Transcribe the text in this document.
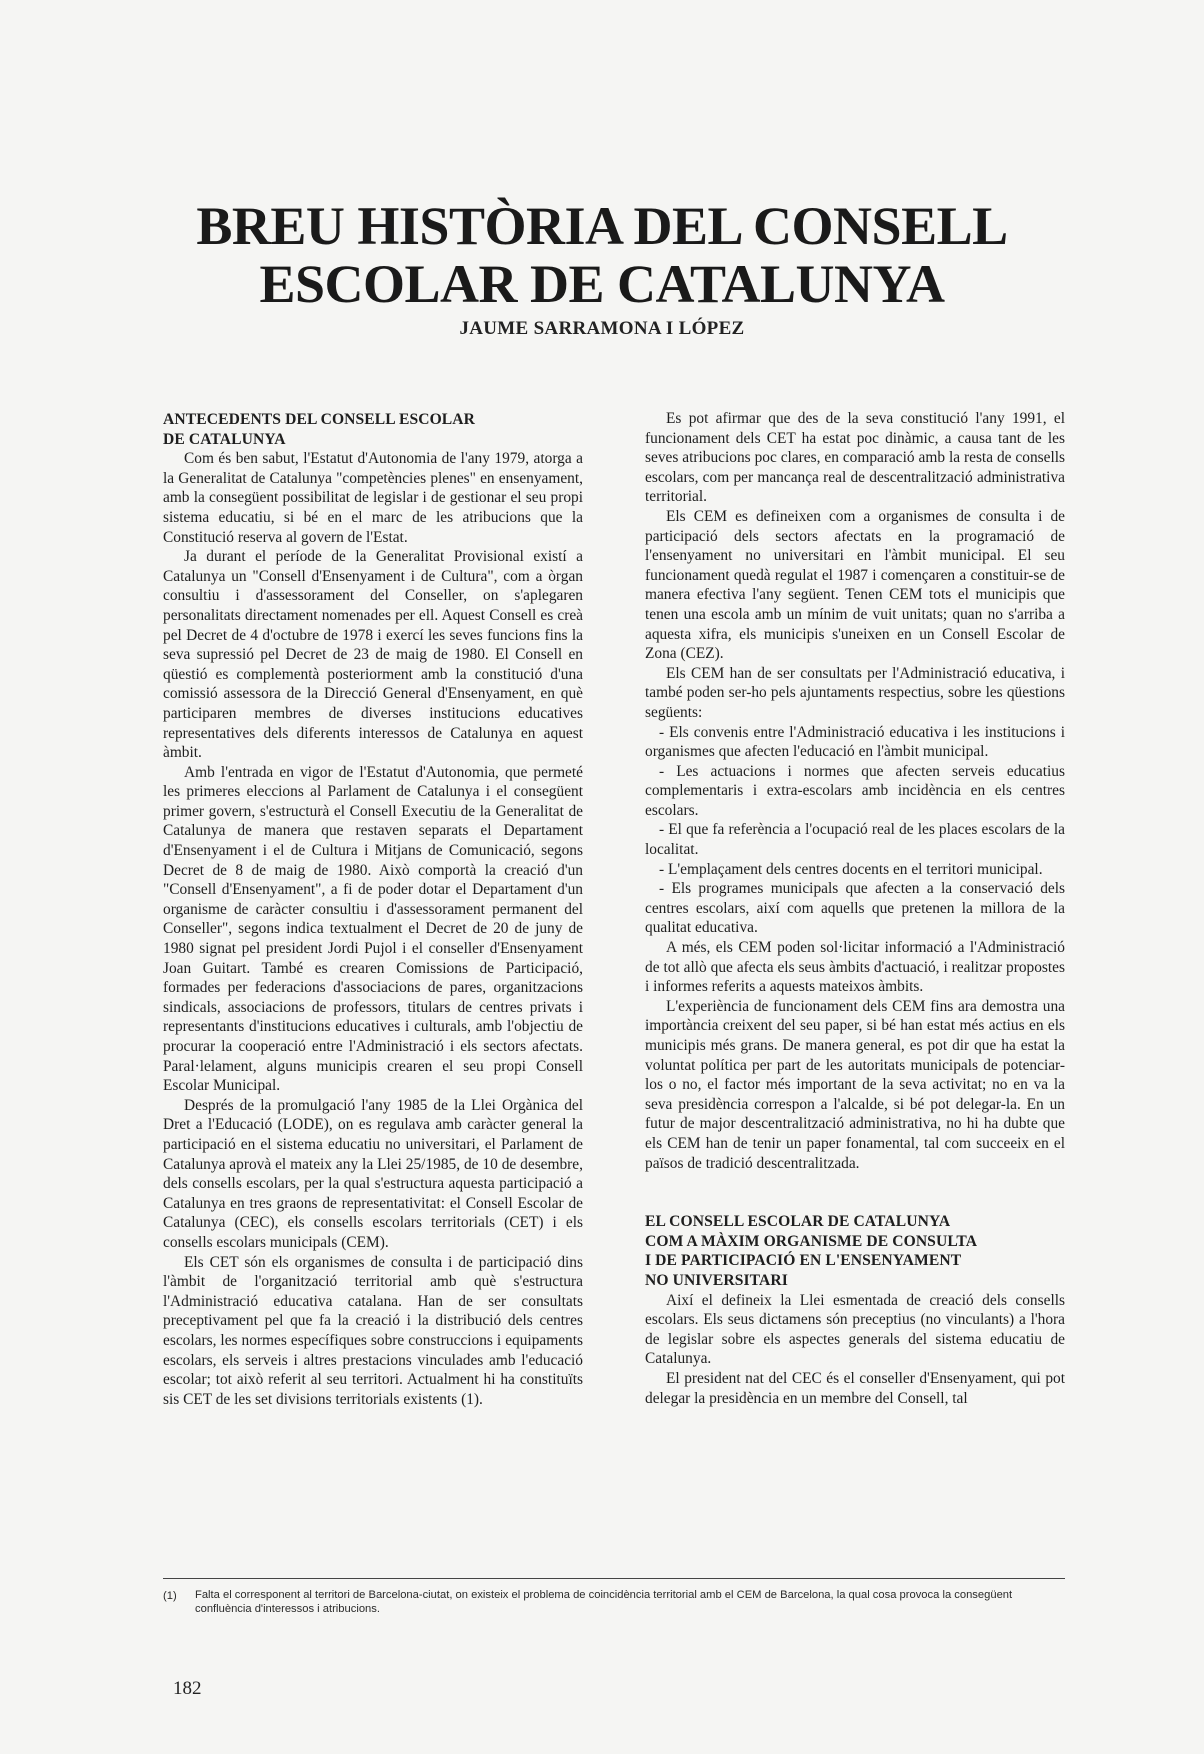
BREU HISTÒRIA DEL CONSELL
ESCOLAR DE CATALUNYA
JAUME SARRAMONA I LÓPEZ
ANTECEDENTS DEL CONSELL ESCOLAR
DE CATALUNYA

Com és ben sabut, l'Estatut d'Autonomia de l'any 1979, atorga a la Generalitat de Catalunya "competències plenes" en ensenyament, amb la consegüent possibilitat de legislar i de gestionar el seu propi sistema educatiu, si bé en el marc de les atribucions que la Constitució reserva al govern de l'Estat.

Ja durant el període de la Generalitat Provisional existí a Catalunya un "Consell d'Ensenyament i de Cultura", com a òrgan consultiu i d'assessorament del Conseller, on s'aplegaren personalitats directament nomenades per ell. Aquest Consell es creà pel Decret de 4 d'octubre de 1978 i exercí les seves funcions fins la seva supressió pel Decret de 23 de maig de 1980. El Consell en qüestió es complementà posteriorment amb la constitució d'una comissió assessora de la Direcció General d'Ensenyament, en què participaren membres de diverses institucions educatives representatives dels diferents interessos de Catalunya en aquest àmbit.

Amb l'entrada en vigor de l'Estatut d'Autonomia, que permeté les primeres eleccions al Parlament de Catalunya i el consegüent primer govern, s'estructurà el Consell Executiu de la Generalitat de Catalunya de manera que restaven separats el Departament d'Ensenyament i el de Cultura i Mitjans de Comunicació, segons Decret de 8 de maig de 1980. Això comportà la creació d'un "Consell d'Ensenyament", a fi de poder dotar el Departament d'un organisme de caràcter consultiu i d'assessorament permanent del Conseller", segons indica textualment el Decret de 20 de juny de 1980 signat pel president Jordi Pujol i el conseller d'Ensenyament Joan Guitart. També es crearen Comissions de Participació, formades per federacions d'associacions de pares, organitzacions sindicals, associacions de professors, titulars de centres privats i representants d'institucions educatives i culturals, amb l'objectiu de procurar la cooperació entre l'Administració i els sectors afectats. Paral·lelament, alguns municipis crearen el seu propi Consell Escolar Municipal.

Després de la promulgació l'any 1985 de la Llei Orgànica del Dret a l'Educació (LODE), on es regulava amb caràcter general la participació en el sistema educatiu no universitari, el Parlament de Catalunya aprovà el mateix any la Llei 25/1985, de 10 de desembre, dels consells escolars, per la qual s'estructura aquesta participació a Catalunya en tres graons de representativitat: el Consell Escolar de Catalunya (CEC), els consells escolars territorials (CET) i els consells escolars municipals (CEM).

Els CET són els organismes de consulta i de participació dins l'àmbit de l'organització territorial amb què s'estructura l'Administració educativa catalana. Han de ser consultats preceptivament pel que fa la creació i la distribució dels centres escolars, les normes específiques sobre construccions i equipaments escolars, els serveis i altres prestacions vinculades amb l'educació escolar; tot això referit al seu territori. Actualment hi ha constituïts sis CET de les set divisions territorials existents (1).

Es pot afirmar que des de la seva constitució l'any 1991, el funcionament dels CET ha estat poc dinàmic, a causa tant de les seves atribucions poc clares, en comparació amb la resta de consells escolars, com per mancança real de descentralització administrativa territorial.

Els CEM es defineixen com a organismes de consulta i de participació dels sectors afectats en la programació de l'ensenyament no universitari en l'àmbit municipal. El seu funcionament quedà regulat el 1987 i començaren a constituir-se de manera efectiva l'any següent. Tenen CEM tots el municipis que tenen una escola amb un mínim de vuit unitats; quan no s'arriba a aquesta xifra, els municipis s'uneixen en un Consell Escolar de Zona (CEZ).

Els CEM han de ser consultats per l'Administració educativa, i també poden ser-ho pels ajuntaments respectius, sobre les qüestions següents:

- Els convenis entre l'Administració educativa i les institucions i organismes que afecten l'educació en l'àmbit municipal.

- Les actuacions i normes que afecten serveis educatius complementaris i extra-escolars amb incidència en els centres escolars.

- El que fa referència a l'ocupació real de les places escolars de la localitat.

- L'emplaçament dels centres docents en el territori municipal.

- Els programes municipals que afecten a la conservació dels centres escolars, així com aquells que pretenen la millora de la qualitat educativa.

A més, els CEM poden sol·licitar informació a l'Administració de tot allò que afecta els seus àmbits d'actuació, i realitzar propostes i informes referits a aquests mateixos àmbits.

L'experiència de funcionament dels CEM fins ara demostra una importància creixent del seu paper, si bé han estat més actius en els municipis més grans. De manera general, es pot dir que ha estat la voluntat política per part de les autoritats municipals de potenciar-los o no, el factor més important de la seva activitat; no en va la seva presidència correspon a l'alcalde, si bé pot delegar-la. En un futur de major descentralització administrativa, no hi ha dubte que els CEM han de tenir un paper fonamental, tal com succeeix en el països de tradició descentralitzada.

EL CONSELL ESCOLAR DE CATALUNYA
COM A MÀXIM ORGANISME DE CONSULTA
I DE PARTICIPACIÓ EN L'ENSENYAMENT
NO UNIVERSITARI

Així el defineix la Llei esmentada de creació dels consells escolars. Els seus dictamens són preceptius (no vinculants) a l'hora de legislar sobre els aspectes generals del sistema educatiu de Catalunya.

El president nat del CEC és el conseller d'Ensenyament, qui pot delegar la presidència en un membre del Consell, tal

(1)	Falta el corresponent al territori de Barcelona-ciutat, on existeix el problema de coincidència territorial amb el CEM de Barcelona, la qual cosa provoca la consegüent confluència d'interessos i atribucions.
182
